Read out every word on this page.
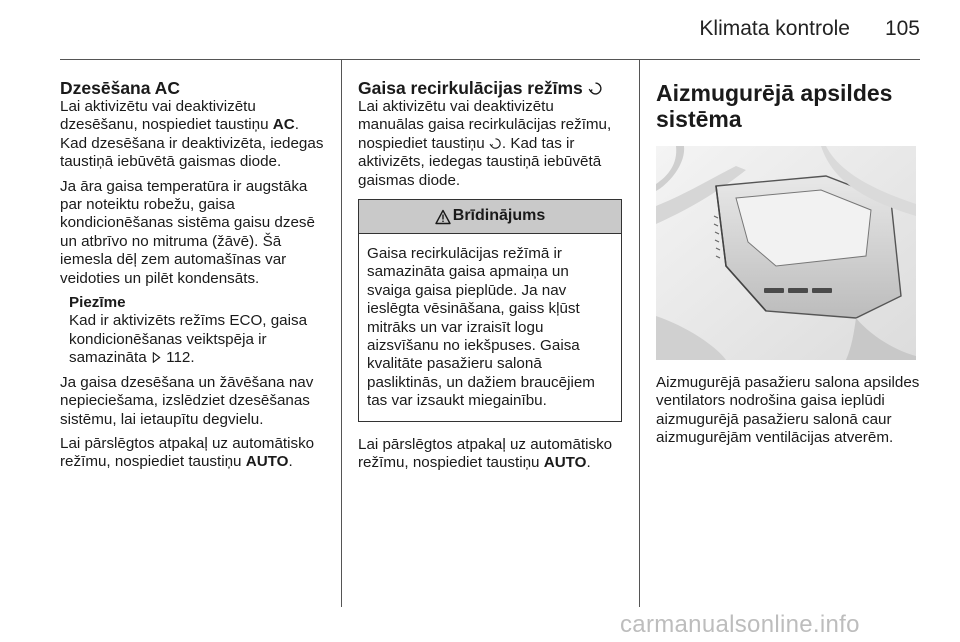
Klimata kontrole	105
Dzesēšana AC

Lai aktivizētu vai deaktivizētu dzesēšanu, nospiediet taustiņu AC. Kad dzesēšana ir deaktivizēta, iedegas taustiņā iebūvētā gaismas diode.

Ja āra gaisa temperatūra ir augstāka par noteiktu robežu, gaisa kondicionēšanas sistēma gaisu dzesē un atbrīvo no mitruma (žāvē). Šā iemesla dēļ zem automašīnas var veidoties un pilēt kondensāts.

Piezīme

Kad ir aktivizēts režīms ECO, gaisa kondicionēšanas veiktspēja ir samazināta  112.

Ja gaisa dzesēšana un žāvēšana nav nepieciešama, izslēdziet dzesēšanas sistēmu, lai ietaupītu degvielu.

Lai pārslēgtos atpakaļ uz automātisko režīmu, nospiediet taustiņu AUTO.

Gaisa recirkulācijas režīms

Lai aktivizētu vai deaktivizētu manuālas gaisa recirkulācijas režīmu, nospiediet taustiņu . Kad tas ir aktivizēts, iedegas taustiņā iebūvētā gaismas diode.

Brīdinājums
Gaisa recirkulācijas režīmā ir samazināta gaisa apmaiņa un svaiga gaisa pieplūde. Ja nav ieslēgta vēsināšana, gaiss kļūst mitrāks un var izraisīt logu aizsvīšanu no iekšpuses. Gaisa kvalitāte pasažieru salonā pasliktinās, un dažiem braucējiem tas var izsaukt miegainību.

Lai pārslēgtos atpakaļ uz automātisko režīmu, nospiediet taustiņu AUTO.

Aizmugurējā apsildes sistēma

Aizmugurējā pasažieru salona apsildes ventilators nodrošina gaisa ieplūdi aizmugurējā pasažieru salonā caur aizmugurējām ventilācijas atverēm.

carmanualsonline.info
